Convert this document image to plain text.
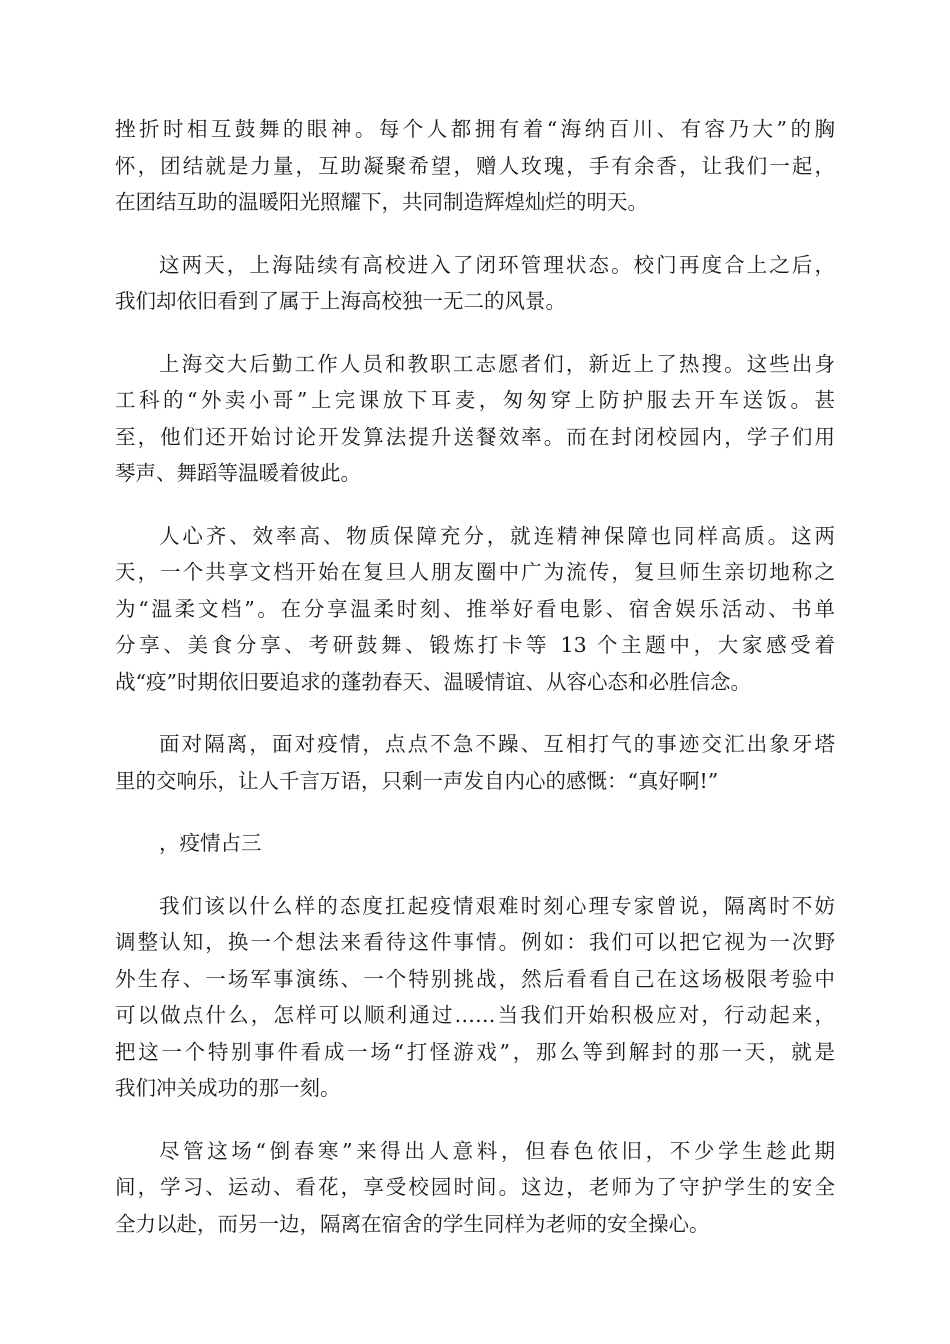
挫折时相互鼓舞的眼神。每个人都拥有着“海纳百川、有容乃大”的胸
怀，团结就是力量，互助凝聚希望，赠人玫瑰，手有余香，让我们一起，
在团结互助的温暖阳光照耀下，共同制造辉煌灿烂的明天。
这两天，上海陆续有高校进入了闭环管理状态。校门再度合上之后，
我们却依旧看到了属于上海高校独一无二的风景。
上海交大后勤工作人员和教职工志愿者们，新近上了热搜。这些出身
工科的“外卖小哥”上完课放下耳麦，匆匆穿上防护服去开车送饭。甚
至，他们还开始讨论开发算法提升送餐效率。而在封闭校园内，学子们用
琴声、舞蹈等温暖着彼此。
人心齐、效率高、物质保障充分，就连精神保障也同样高质。这两
天，一个共享文档开始在复旦人朋友圈中广为流传，复旦师生亲切地称之
为“温柔文档”。在分享温柔时刻、推举好看电影、宿舍娱乐活动、书单
分享、美食分享、考研鼓舞、锻炼打卡等 13 个主题中，大家感受着
战“疫”时期依旧要追求的蓬勃春天、温暖情谊、从容心态和必胜信念。
面对隔离，面对疫情，点点不急不躁、互相打气的事迹交汇出象牙塔
里的交响乐，让人千言万语，只剩一声发自内心的感慨：“真好啊!”
，疫情占三
我们该以什么样的态度扛起疫情艰难时刻心理专家曾说，隔离时不妨
调整认知，换一个想法来看待这件事情。例如：我们可以把它视为一次野
外生存、一场军事演练、一个特别挑战，然后看看自己在这场极限考验中
可以做点什么，怎样可以顺利通过……当我们开始积极应对，行动起来，
把这一个特别事件看成一场“打怪游戏”，那么等到解封的那一天，就是
我们冲关成功的那一刻。
尽管这场“倒春寒”来得出人意料，但春色依旧，不少学生趁此期
间，学习、运动、看花，享受校园时间。这边，老师为了守护学生的安全
全力以赴，而另一边，隔离在宿舍的学生同样为老师的安全操心。
